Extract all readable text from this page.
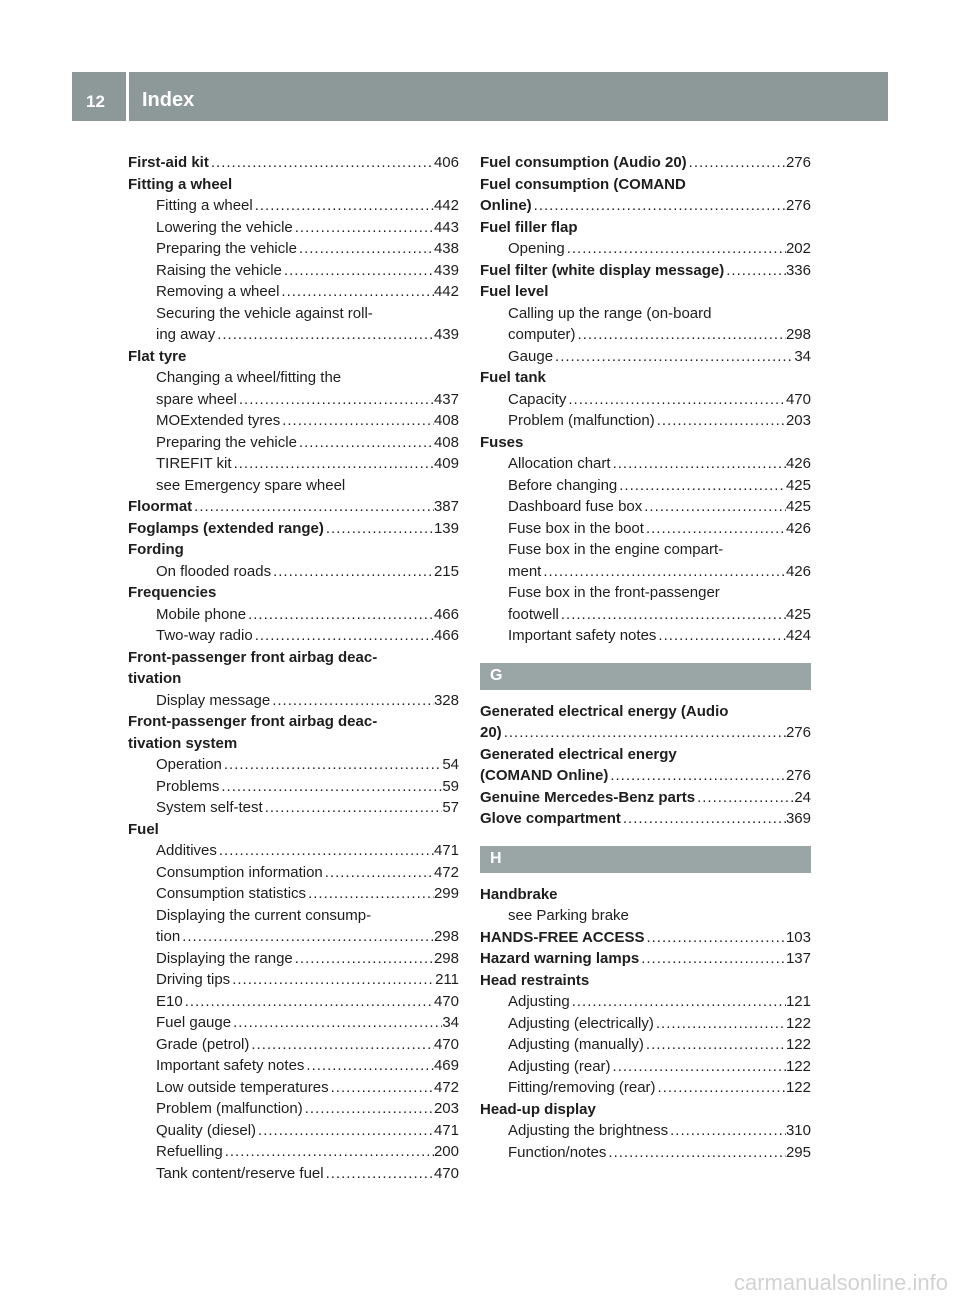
12 Index
First-aid kit .....	406
Fitting a wheel
Fitting a wheel .....	442
Lowering the vehicle .....	443
Preparing the vehicle .....	438
Raising the vehicle .....	439
Removing a wheel .....	442
Securing the vehicle against roll-
ing away .....	439
Flat tyre
Changing a wheel/fitting the
spare wheel .....	437
MOExtended tyres .....	408
Preparing the vehicle .....	408
TIREFIT kit .....	409
see Emergency spare wheel
Floormat .....	387
Foglamps (extended range) .....	139
Fording
On flooded roads .....	215
Frequencies
Mobile phone .....	466
Two-way radio .....	466
Front-passenger front airbag deac-
tivation
Display message .....	328
Front-passenger front airbag deac-
tivation system
Operation .....	54
Problems .....	59
System self-test .....	57
Fuel
Additives .....	471
Consumption information .....	472
Consumption statistics .....	299
Displaying the current consump-
tion .....	298
Displaying the range .....	298
Driving tips .....	211
E10 .....	470
Fuel gauge .....	34
Grade (petrol) .....	470
Important safety notes .....	469
Low outside temperatures .....	472
Problem (malfunction) .....	203
Quality (diesel) .....	471
Refuelling .....	200
Tank content/reserve fuel .....	470
Fuel consumption (Audio 20) .....	276
Fuel consumption (COMAND
Online) .....	276
Fuel filler flap
Opening .....	202
Fuel filter (white display message) .....	336
Fuel level
Calling up the range (on-board
computer) .....	298
Gauge .....	34
Fuel tank
Capacity .....	470
Problem (malfunction) .....	203
Fuses
Allocation chart .....	426
Before changing .....	425
Dashboard fuse box .....	425
Fuse box in the boot .....	426
Fuse box in the engine compart-
ment .....	426
Fuse box in the front-passenger
footwell .....	425
Important safety notes .....	424
G
Generated electrical energy (Audio
20) .....	276
Generated electrical energy
(COMAND Online) .....	276
Genuine Mercedes-Benz parts .....	24
Glove compartment .....	369
H
Handbrake
see Parking brake
HANDS-FREE ACCESS .....	103
Hazard warning lamps .....	137
Head restraints
Adjusting .....	121
Adjusting (electrically) .....	122
Adjusting (manually) .....	122
Adjusting (rear) .....	122
Fitting/removing (rear) .....	122
Head-up display
Adjusting the brightness .....	310
Function/notes .....	295
carmanualsonline.info
